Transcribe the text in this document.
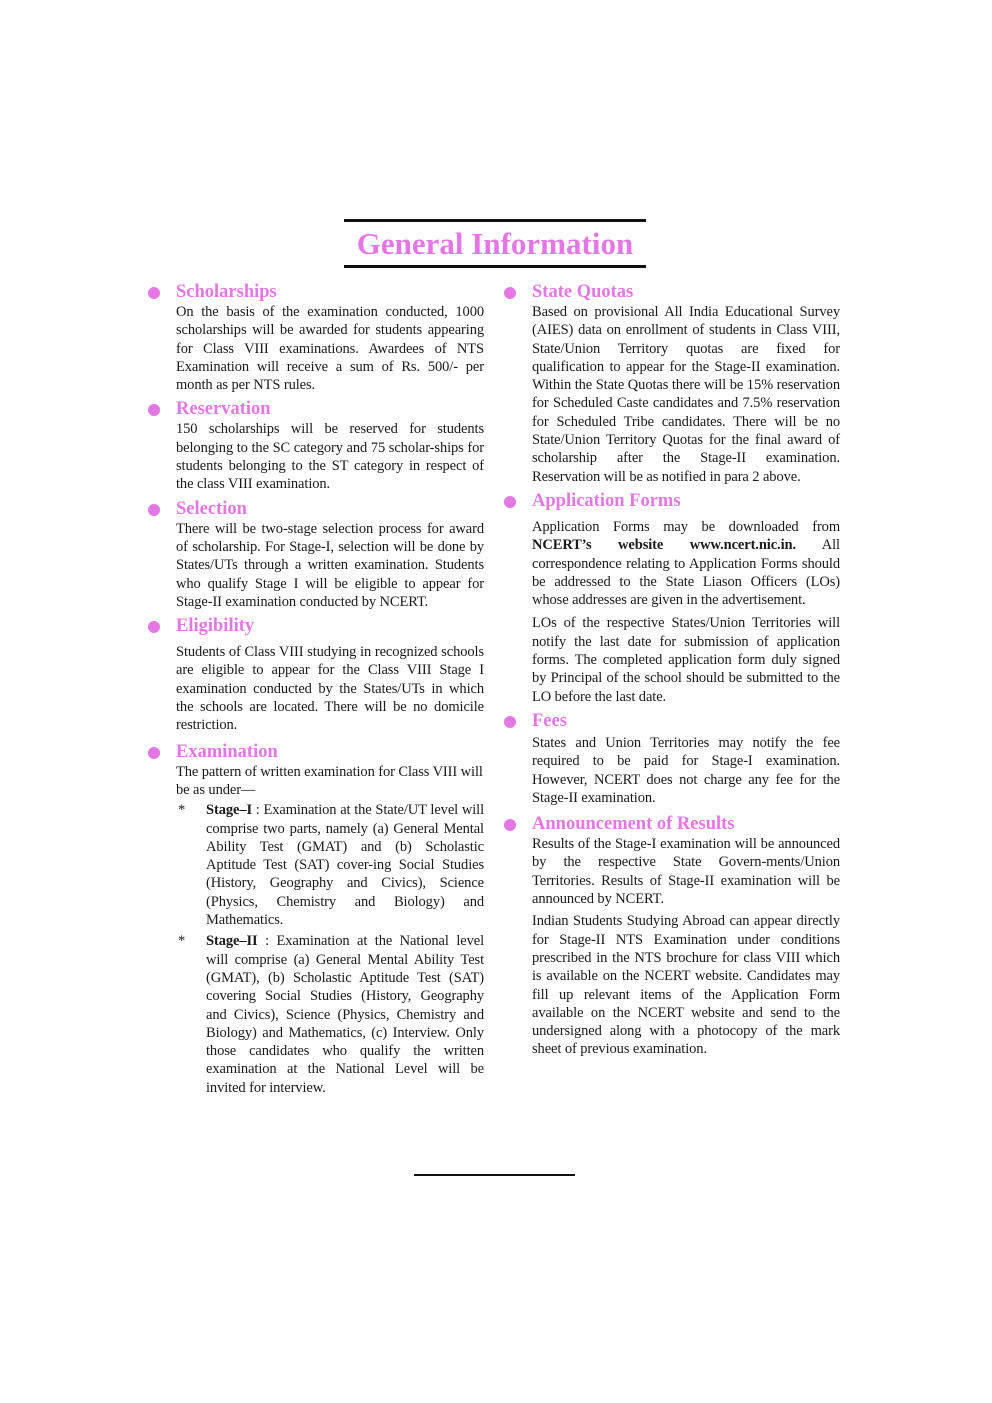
General Information
Scholarships

On the basis of the examination conducted, 1000 scholarships will be awarded for students appearing for Class VIII examinations. Awardees of NTS Examination will receive a sum of Rs. 500/- per month as per NTS rules.

Reservation

150 scholarships will be reserved for students belonging to the SC category and 75 scholar-ships for students belonging to the ST category in respect of the class VIII examination.

Selection

There will be two-stage selection process for award of scholarship. For Stage-I, selection will be done by States/UTs through a written examination. Students who qualify Stage I will be eligible to appear for Stage-II examination conducted by NCERT.

Eligibility

Students of Class VIII studying in recognized schools are eligible to appear for the Class VIII Stage I examination conducted by the States/UTs in which the schools are located. There will be no domicile restriction.

Examination

The pattern of written examination for Class VIII will be as under—

* Stage–I : Examination at the State/UT level will comprise two parts, namely (a) General Mental Ability Test (GMAT) and (b) Scholastic Aptitude Test (SAT) cover-ing Social Studies (History, Geography and Civics), Science (Physics, Chemistry and Biology) and Mathematics.

* Stage–II : Examination at the National level will comprise (a) General Mental Ability Test (GMAT), (b) Scholastic Aptitude Test (SAT) covering Social Studies (History, Geography and Civics), Science (Physics, Chemistry and Biology) and Mathematics, (c) Interview. Only those candidates who qualify the written examination at the National Level will be invited for interview.

State Quotas

Based on provisional All India Educational Survey (AIES) data on enrollment of students in Class VIII, State/Union Territory quotas are fixed for qualification to appear for the Stage-II examination. Within the State Quotas there will be 15% reservation for Scheduled Caste candidates and 7.5% reservation for Scheduled Tribe candidates. There will be no State/Union Territory Quotas for the final award of scholarship after the Stage-II examination. Reservation will be as notified in para 2 above.

Application Forms

Application Forms may be downloaded from NCERT’s website www.ncert.nic.in. All correspondence relating to Application Forms should be addressed to the State Liason Officers (LOs) whose addresses are given in the advertisement.

LOs of the respective States/Union Territories will notify the last date for submission of application forms. The completed application form duly signed by Principal of the school should be submitted to the LO before the last date.

Fees

States and Union Territories may notify the fee required to be paid for Stage-I examination. However, NCERT does not charge any fee for the Stage-II examination.

Announcement of Results

Results of the Stage-I examination will be announced by the respective State Govern-ments/Union Territories. Results of Stage-II examination will be announced by NCERT.

Indian Students Studying Abroad can appear directly for Stage-II NTS Examination under conditions prescribed in the NTS brochure for class VIII which is available on the NCERT website. Candidates may fill up relevant items of the Application Form available on the NCERT website and send to the undersigned along with a photocopy of the mark sheet of previous examination.
